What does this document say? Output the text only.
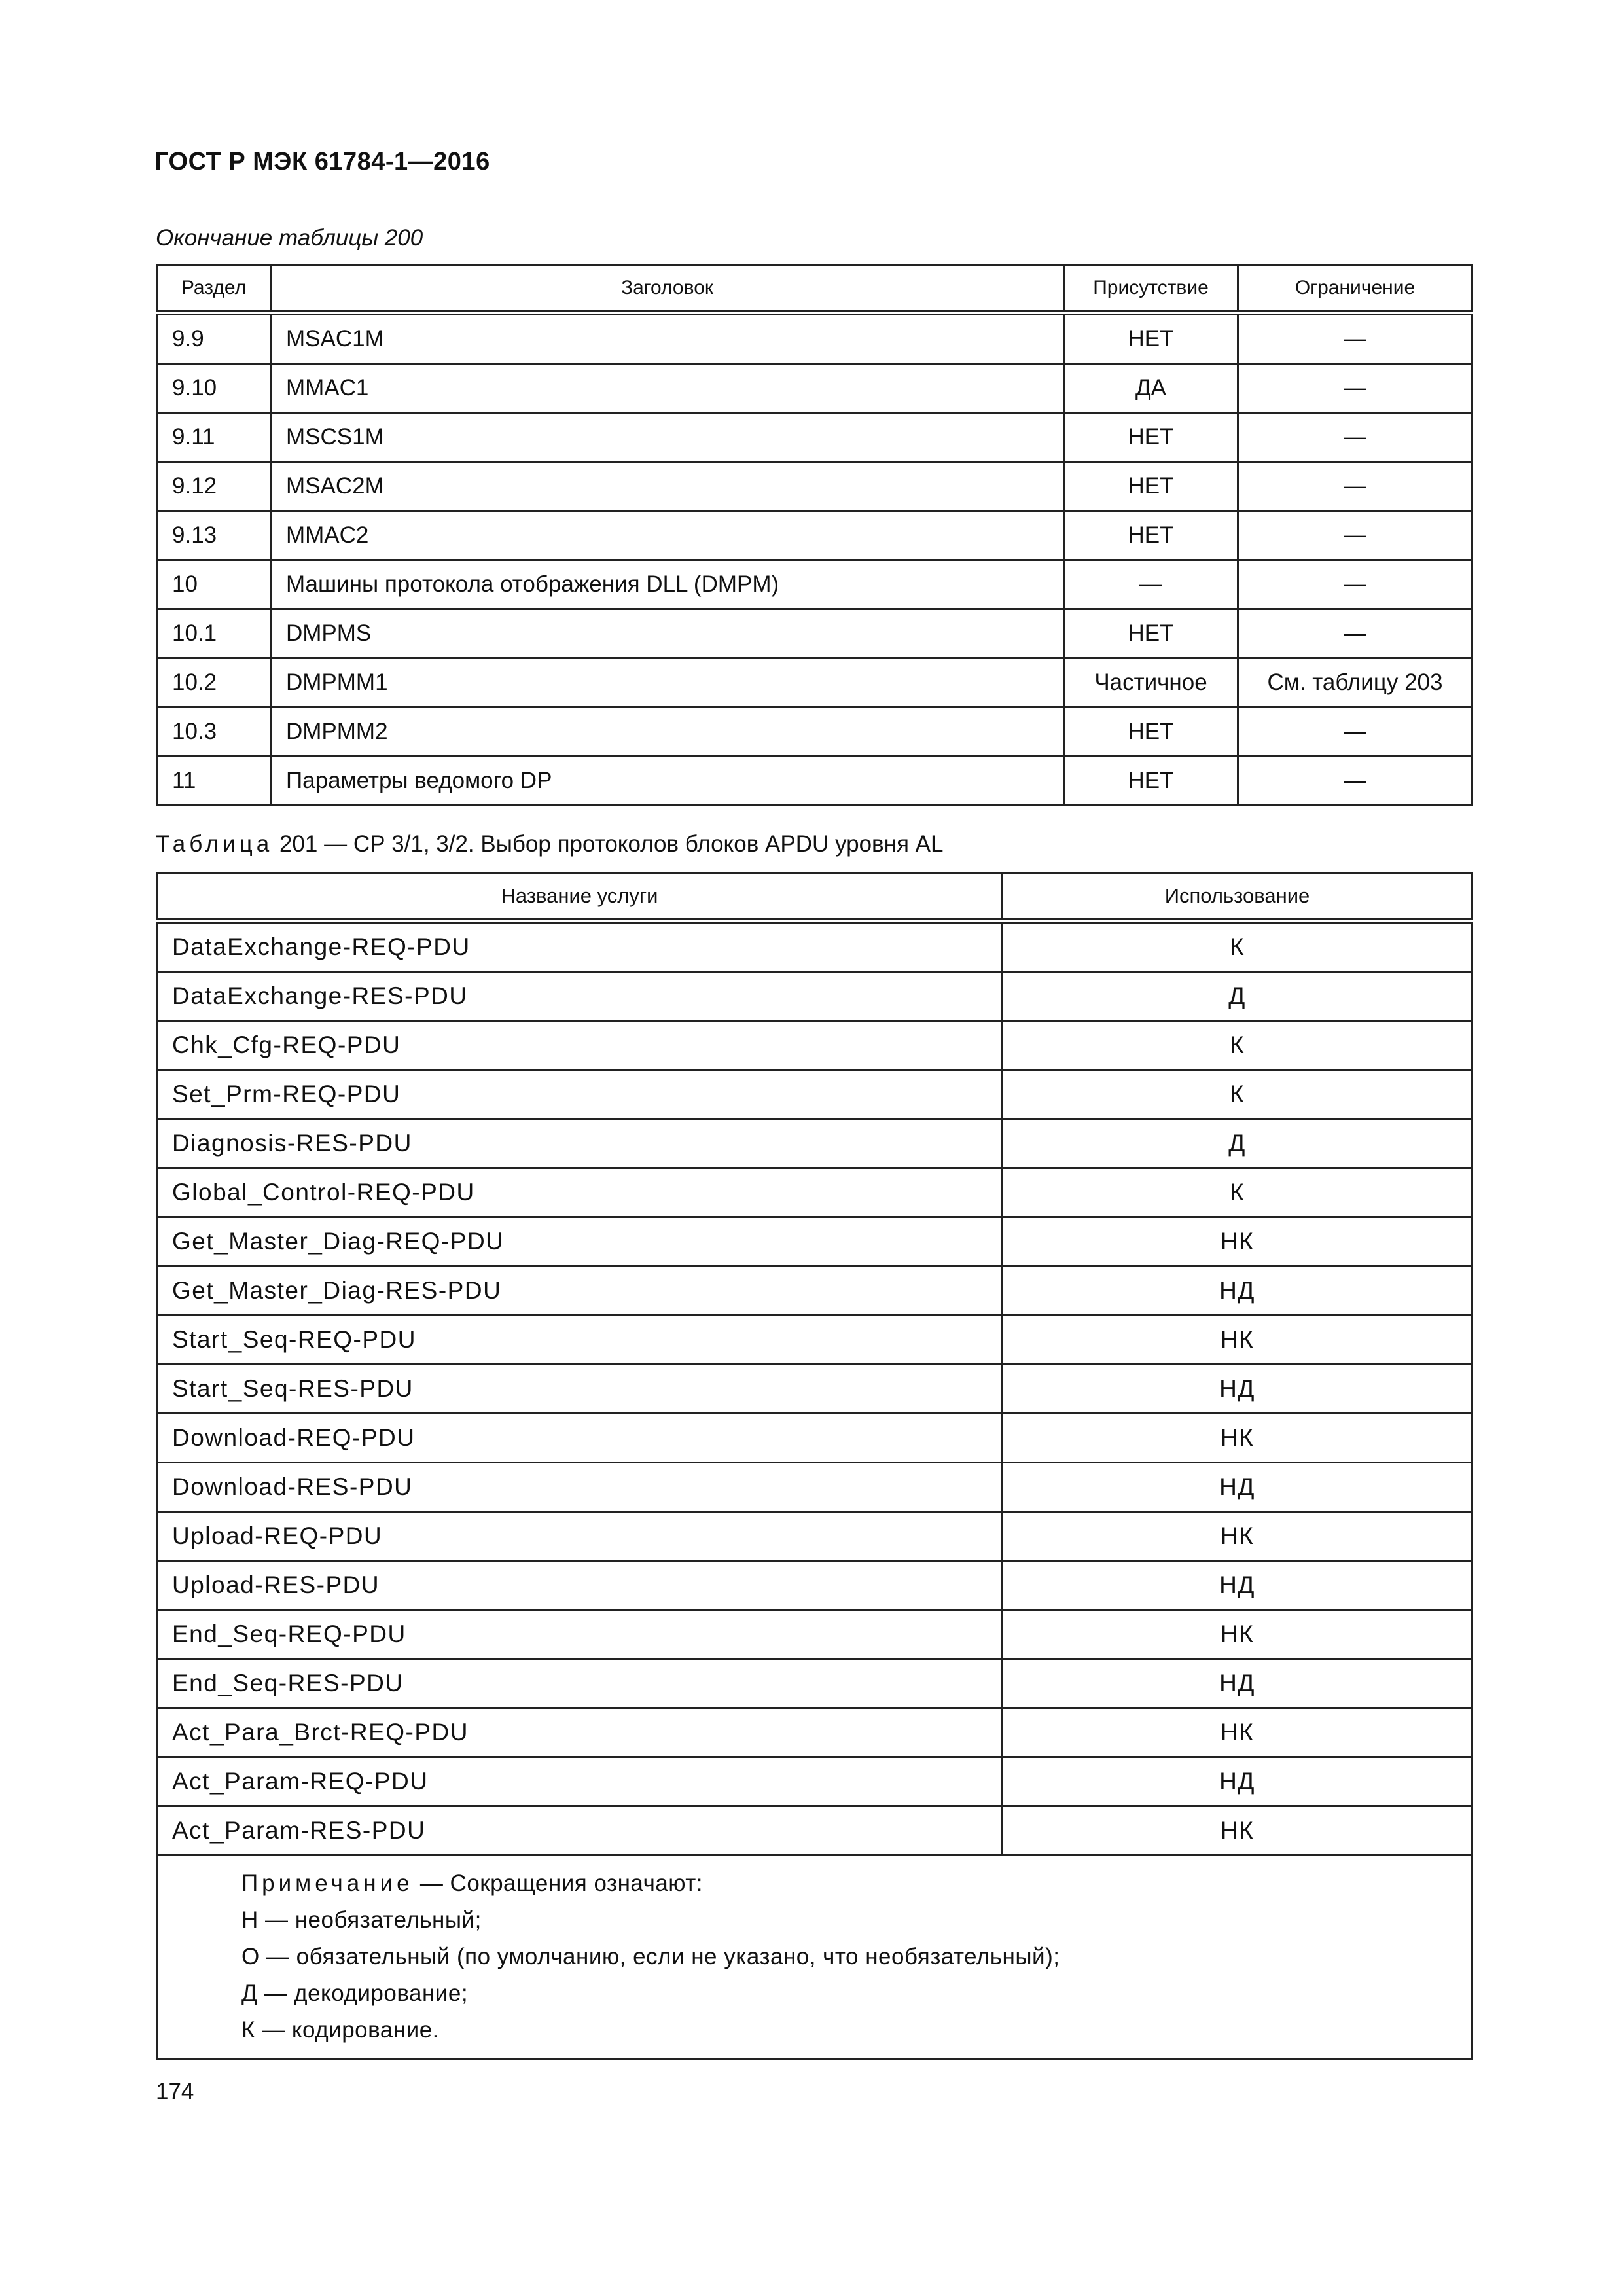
ГОСТ Р МЭК 61784-1—2016
Окончание таблицы 200
Раздел	Заголовок	Присутствие	Ограничение
9.9	MSAC1M	НЕТ	—
9.10	MMAC1	ДА	—
9.11	MSCS1M	НЕТ	—
9.12	MSAC2M	НЕТ	—
9.13	MMAC2	НЕТ	—
10	Машины протокола отображения DLL (DMPM)	—	—
10.1	DMPMS	НЕТ	—
10.2	DMPMM1	Частичное	См. таблицу 203
10.3	DMPMM2	НЕТ	—
11	Параметры ведомого DP	НЕТ	—
Таблица 201 — СР 3/1, 3/2. Выбор протоколов блоков APDU уровня AL
Название услуги	Использование
DataExchange-REQ-PDU	К
DataExchange-RES-PDU	Д
Chk_Cfg-REQ-PDU	К
Set_Prm-REQ-PDU	К
Diagnosis-RES-PDU	Д
Global_Control-REQ-PDU	К
Get_Master_Diag-REQ-PDU	НК
Get_Master_Diag-RES-PDU	НД
Start_Seq-REQ-PDU	НК
Start_Seq-RES-PDU	НД
Download-REQ-PDU	НК
Download-RES-PDU	НД
Upload-REQ-PDU	НК
Upload-RES-PDU	НД
End_Seq-REQ-PDU	НК
End_Seq-RES-PDU	НД
Act_Para_Brct-REQ-PDU	НК
Act_Param-REQ-PDU	НД
Act_Param-RES-PDU	НК

Примечание — Сокращения означают:
Н — необязательный;
О — обязательный (по умолчанию, если не указано, что необязательный);
Д — декодирование;
К — кодирование.	
174
